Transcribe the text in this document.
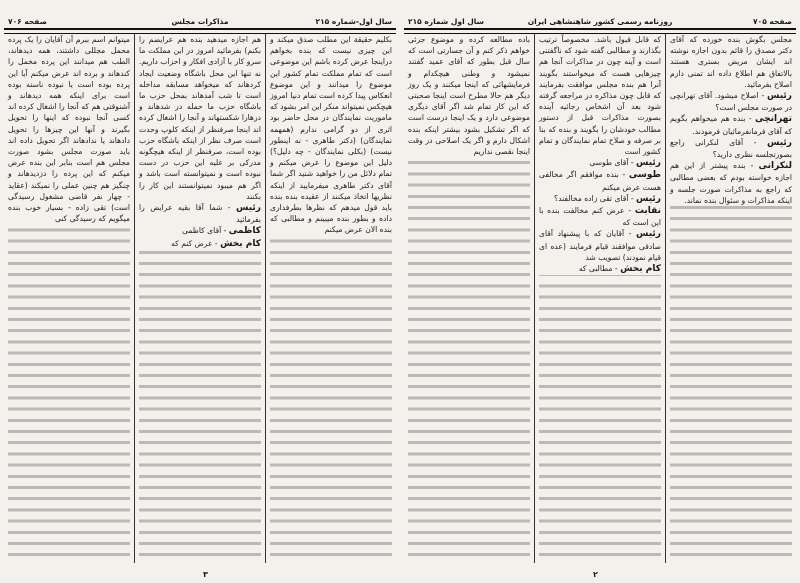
سال اول-شماره ۲۱۵
مذاکرات مجلس
صفحه ۷۰۶

بکلیم حقیقة این مطلب صدق میکند و این چیزی نیست که بنده بخواهم دراینجا عرض کرده باشم این موضوعی است که تمام مملکت تمام کشور این موضوع را میدانند و این موضوع انعکاس پیدا کرده است تمام دنیا امروز هیچکس نمیتواند منکر این امر بشود که ماموریت نمایندگان در محل حاضر بود اثری از دو گرامی ندارم (همهمه نمایندگان) (دکتر طاهری - نه اینطور نیست) (بکلی نمایندگان - چه دلیل؟) دلیل این موضوع را عرض میکنم و تمام دلائل من را خواهید شنید اگر شما آقای دکتر طاهری میفرمایید از اینکه نظریها اتخاذ میکنند از عقیده بنده بنده باید قول میدهم که نظرها بطرفداری داده و بطور بنده میبینم و مطالبی که بنده الان عرض میکنم

هم اجازه میدهید بنده هم عرایضم را بکنم) بفرمائید امروز در این مملکت ما سرو کار با آزادی افکار و احزاب داریم. نه تنها این محل باشگاه وضعیت ایجاد کردهاند که میخواهد مسابقه مداخله است تا شب آمدهاند بمحل حزب ما باشگاه حزب ما حمله در شدهاند و درهارا شکستهاند و آنجا را اشغال کرده اند اینجا صرفنظر از اینکه کلوپ وحدت است صرف نظر از اینکه باشگاه حزب بوده است، صرفنظر از اینکه هیچگونه مدرکی بر علیه این حزب در دست نبوده است و نمیتوانسته است باشد و اگر هم میبود نمیتوانستند این کار را بکنند

رئیس - شما آقا بقیه عرایض را بفرمائید

کاظمی - آقای کاظمی

کام بخش - عرض کنم که

میتوانم اسم ببرم آن آقایان را یک پرده محمل مجللی داشتند، همه دیدهاند، الطب هم میدانند این پرده مخمل را کندهاند و برده اند عرض میکنم آیا این پرده بوده است یا نبوده ناسته بوده است برای اینکه همه دیدهاند و آشنوقتی هم که آنجا را اشغال کرده اند کسی آنجا نبوده که اینها را تحویل بگیرند و آنها این چیزها را تحویل دادهاند یا ندادهاند اگر تحویل داده اند باید صورت مجلس بشود صورت مجلس هم است بنابر این بنده عرض میکنم که این پرده را دزدیدهاند و چنگیز هم چنین عملی را نمیکند (عقاید - چهار نفر قاضی مشغول رسیدگی است) تقی زاده - بسیار خوب بنده میگویم که رسیدگی کنی

۳
صفحه ۷۰۵
روزنامه رسمی کشور شاهنشاهی ایران
سال اول شماره ۲۱۵

مجلس بگوش بنده خورده که آقای دکتر مصدق را قائم بدون اجازه نوشته اند ایشان مریض بستری هستند بالاتفاق هم اطلاع داده اند تمنی دارم اصلاح بفرمائید.

رئیس - اصلاح میشود. آقای تهرانچی در صورت مجلس است؟

تهرانچی - بنده هم میخواهم بگویم که آقای فرمانفرمائیان فرمودند.

رئیس - آقای لنکرانی راجع بصورتجلسه نظری دارید؟

لنکرانی - بنده پیشتر از این هم اجازه خواسته بودم که بعضی مطالبی که راجع به مذاکرات صورت جلسه و اینکه مذاکرات و سئوال بنده نماند.

که قابل قبول باشد. مخصوصاً ترتیب بگذارند و مطالبی گفته شود که ناگفتنی است و آینه چون در مذاکرات آنجا هم چیزهایی هست که میخواستند بگویند آنرا هم بنده مجلس موافقت بفرمایند که قابل چون مذاکره در مراجعه گرفته شود بعد آن اشخاص رجائیه آینده بصورت مذاکرات قبل از دستور مطالب خودشان را بگویند و بنده که بنا بر صرفه و صلاح تمام نمایندگان و تمام کشور است

رئیس - آقای طوسی

طوسی - بنده موافقم اگر مخالفی هست عرض میکنم

رئیس - آقای تقی زاده مخالفند؟

نقابت - عرض کنم مخالفت بنده با این است که

رئیس - آقایان که با پیشنهاد آقای صادقی موافقند قیام فرمایند (عده ای قیام نمودند) تصویب شد

کام بخش - مطالبی که

باده مطالعه کرده و موضوع جزئی خواهم ذکر کنم و آن جسارتی است که سال قبل بطور که آقای عمید گفتند نمیشود و وطنی هیچکدام و فرمایشهائی که اینجا میکنند و یک روز دیگر هم حالا مطرح است اینجا صحبتی که این کار تمام شد اگر آقای دیگری موضوعی دارد و یک اینجا درست است که اگر تشکیل بشود بیشتر اینکه بنده اشکال دارم و اگر یک اصلاحی در وقت اینجا نقصی نداریم

۲
